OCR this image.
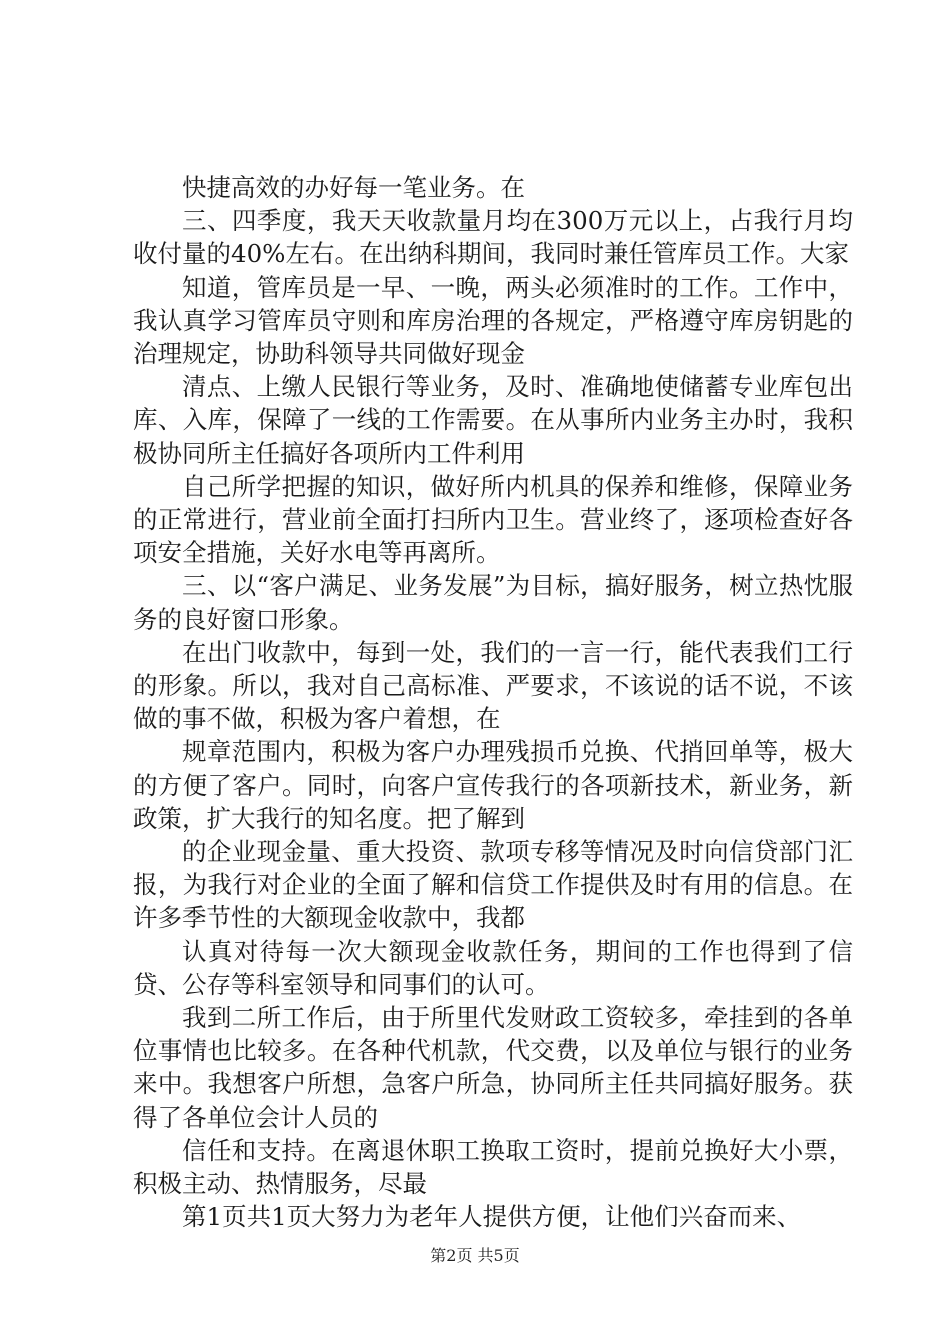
快捷高效的办好每一笔业务。在

三、四季度，我天天收款量月均在300万元以上，占我行月均收付量的40%左右。在出纳科期间，我同时兼任管库员工作。大家

知道，管库员是一早、一晚，两头必须准时的工作。工作中，我认真学习管库员守则和库房治理的各规定，严格遵守库房钥匙的治理规定，协助科领导共同做好现金

清点、上缴人民银行等业务，及时、准确地使储蓄专业库包出库、入库，保障了一线的工作需要。在从事所内业务主办时，我积极协同所主任搞好各项所内工件利用

自己所学把握的知识，做好所内机具的保养和维修，保障业务的正常进行，营业前全面打扫所内卫生。营业终了，逐项检查好各项安全措施，关好水电等再离所。

三、以“客户满足、业务发展”为目标，搞好服务，树立热忱服务的良好窗口形象。

在出门收款中，每到一处，我们的一言一行，能代表我们工行的形象。所以，我对自己高标准、严要求，不该说的话不说，不该做的事不做，积极为客户着想，在

规章范围内，积极为客户办理残损币兑换、代捎回单等，极大的方便了客户。同时，向客户宣传我行的各项新技术，新业务，新政策，扩大我行的知名度。把了解到

的企业现金量、重大投资、款项专移等情况及时向信贷部门汇报，为我行对企业的全面了解和信贷工作提供及时有用的信息。在许多季节性的大额现金收款中，我都

认真对待每一次大额现金收款任务，期间的工作也得到了信贷、公存等科室领导和同事们的认可。

我到二所工作后，由于所里代发财政工资较多，牵挂到的各单位事情也比较多。在各种代机款，代交费，以及单位与银行的业务来中。我想客户所想，急客户所急，协同所主任共同搞好服务。获得了各单位会计人员的

信任和支持。在离退休职工换取工资时，提前兑换好大小票，积极主动、热情服务，尽最

第1页共1页大努力为老年人提供方便，让他们兴奋而来、

第2页 共5页
